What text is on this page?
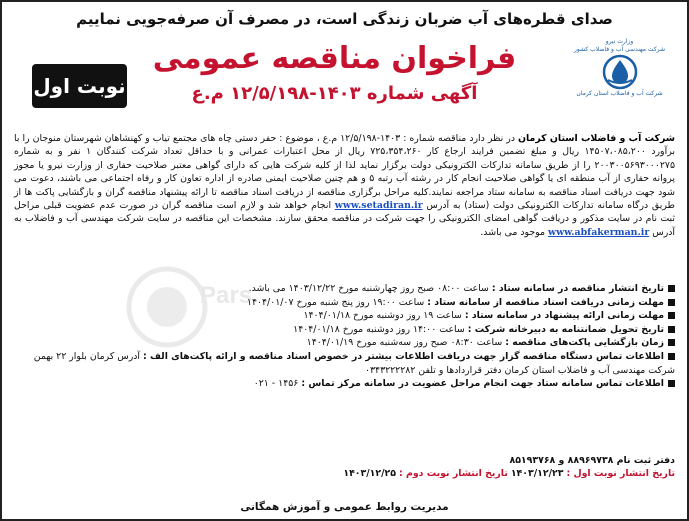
صدای قطره‌های آب ضربان زندگی است، در مصرف آن صرفه‌جویی نمایيم
وزارت نیرو
شرکت مهندسی آب و فاضلاب کشور
شرکت آب و فاضلاب استان کرمان
فراخوان مناقصه عمومی
آگهی شماره ۱۴۰۳-۱۲/۵/۱۹۸ م.ع
نوبت اول
Pars
شرکت آب و فاضلاب استان کرمان در نظر دارد مناقصه شماره : ۱۴۰۳-۱۲/۵/۱۹۸ م.ع ، موضوع : حفر دستی چاه های مجتمع تیاب و کهنشاهان شهرستان منوجان را با برآورد ۱۴۵۰۷،۰۸۵،۲۰۰ ریال و مبلغ تضمین فرایند ارجاع کار ۷۲۵،۳۵۴،۲۶۰ ریال از محل اعتبارات عمرانی و با حداقل تعداد شرکت کنندگان ۱ نفر و به شماره ۲۰۰۳۰۰۵۶۹۳۰۰۰۲۷۵ را از طریق سامانه تدارکات الکترونیکی دولت برگزار نماید لذا از کلیه شرکت هایی که دارای گواهی معتبر صلاحیت حفاری از وزارت نیرو یا مجوز پروانه حفاری از آب منطقه ای یا گواهی صلاحیت انجام کار در رشته آب رتبه ۵ و هم چنین صلاحیت ایمنی صادره از اداره تعاون کار و رفاه اجتماعی می باشند، دعوت می شود جهت دریافت اسناد مناقصه به سامانه ستاد مراجعه نمایند.کلیه مراحل برگزاری مناقصه از دریافت اسناد مناقصه تا ارائه پیشنهاد مناقصه گران و بازگشایی پاکت ها از طریق درگاه سامانه تدارکات الکترونیکی دولت (ستاد) به آدرس www.setadiran.ir انجام خواهد شد و لازم است مناقصه گران در صورت عدم عضویت قبلی مراحل ثبت نام در سایت مذکور و دریافت گواهی امضای الکترونیکی را جهت شرکت در مناقصه محقق سازند. مشخصات این مناقصه در سایت شرکت مهندسی آب و فاضلاب به آدرس www.abfakerman.ir موجود می باشد.
تاریخ انتشار مناقصه در سامانه ستاد : ساعت ۰۸:۰۰ صبح روز چهارشنبه مورخ ۱۴۰۳/۱۲/۲۲ می باشد.
مهلت زمانی دریافت اسناد مناقصه از سامانه ستاد : ساعت ۱۹:۰۰ روز پنج شنبه مورخ ۱۴۰۴/۰۱/۰۷
مهلت زمانی ارائه پیشنهاد در سامانه ستاد : ساعت ۱۹ روز دوشنبه مورخ ۱۴۰۴/۰۱/۱۸
تاریخ تحویل ضمانتنامه به دبیرخانه شرکت : ساعت ۱۴:۰۰ روز دوشنبه مورخ ۱۴۰۴/۰۱/۱۸
زمان بازگشایی پاکت‌های مناقصه : ساعت ۰۸:۳۰ صبح روز سه‌شنبه مورخ ۱۴۰۴/۰۱/۱۹
اطلاعات تماس دستگاه مناقصه گزار جهت دریافت اطلاعات بیشتر در خصوص اسناد مناقصه و ارائه پاکت‌های الف : آدرس کرمان بلوار ۲۲ بهمن شرکت مهندسی آب و فاضلاب استان کرمان دفتر قراردادها و تلفن ۰۳۴۳۲۲۲۲۸۲
اطلاعات تماس سامانه ستاد جهت انجام مراحل عضویت در سامانه مرکز تماس : ۱۴۵۶ - ۰۲۱
دفتر ثبت نام ۸۸۹۶۹۷۳۸ و ۸۵۱۹۳۷۶۸
تاریخ انتشار نوبت اول : ۱۴۰۳/۱۲/۲۳ تاریخ انتشار نوبت دوم : ۱۴۰۳/۱۲/۲۵
مدیریت روابط عمومی و آموزش همگانی
